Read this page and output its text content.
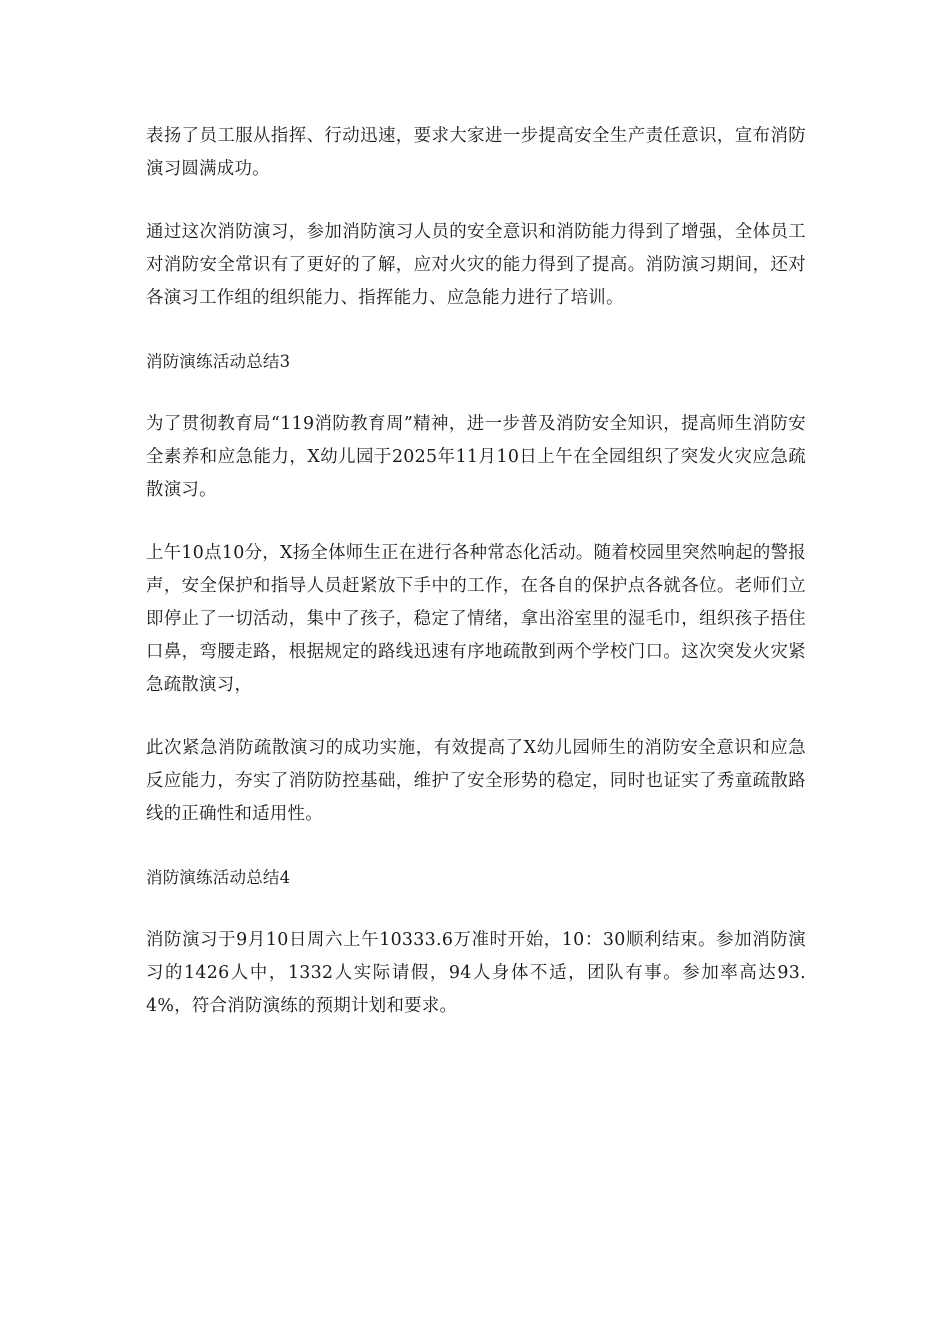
表扬了员工服从指挥、行动迅速，要求大家进一步提高安全生产责任意识，宣布消防演习圆满成功。

通过这次消防演习，参加消防演习人员的安全意识和消防能力得到了增强，全体员工对消防安全常识有了更好的了解，应对火灾的能力得到了提高。消防演习期间，还对各演习工作组的组织能力、指挥能力、应急能力进行了培训。

消防演练活动总结3

为了贯彻教育局“119消防教育周”精神，进一步普及消防安全知识，提高师生消防安全素养和应急能力，X幼儿园于2025年11月10日上午在全园组织了突发火灾应急疏散演习。

上午10点10分，X扬全体师生正在进行各种常态化活动。随着校园里突然响起的警报声，安全保护和指导人员赶紧放下手中的工作，在各自的保护点各就各位。老师们立即停止了一切活动，集中了孩子，稳定了情绪，拿出浴室里的湿毛巾，组织孩子捂住口鼻，弯腰走路，根据规定的路线迅速有序地疏散到两个学校门口。这次突发火灾紧急疏散演习，

此次紧急消防疏散演习的成功实施，有效提高了X幼儿园师生的消防安全意识和应急反应能力，夯实了消防防控基础，维护了安全形势的稳定，同时也证实了秀童疏散路线的正确性和适用性。

消防演练活动总结4

消防演习于9月10日周六上午10333.6万准时开始，10：30顺利结束。参加消防演习的1426人中，1332人实际请假，94人身体不适，团队有事。参加率高达93.4%，符合消防演练的预期计划和要求。
